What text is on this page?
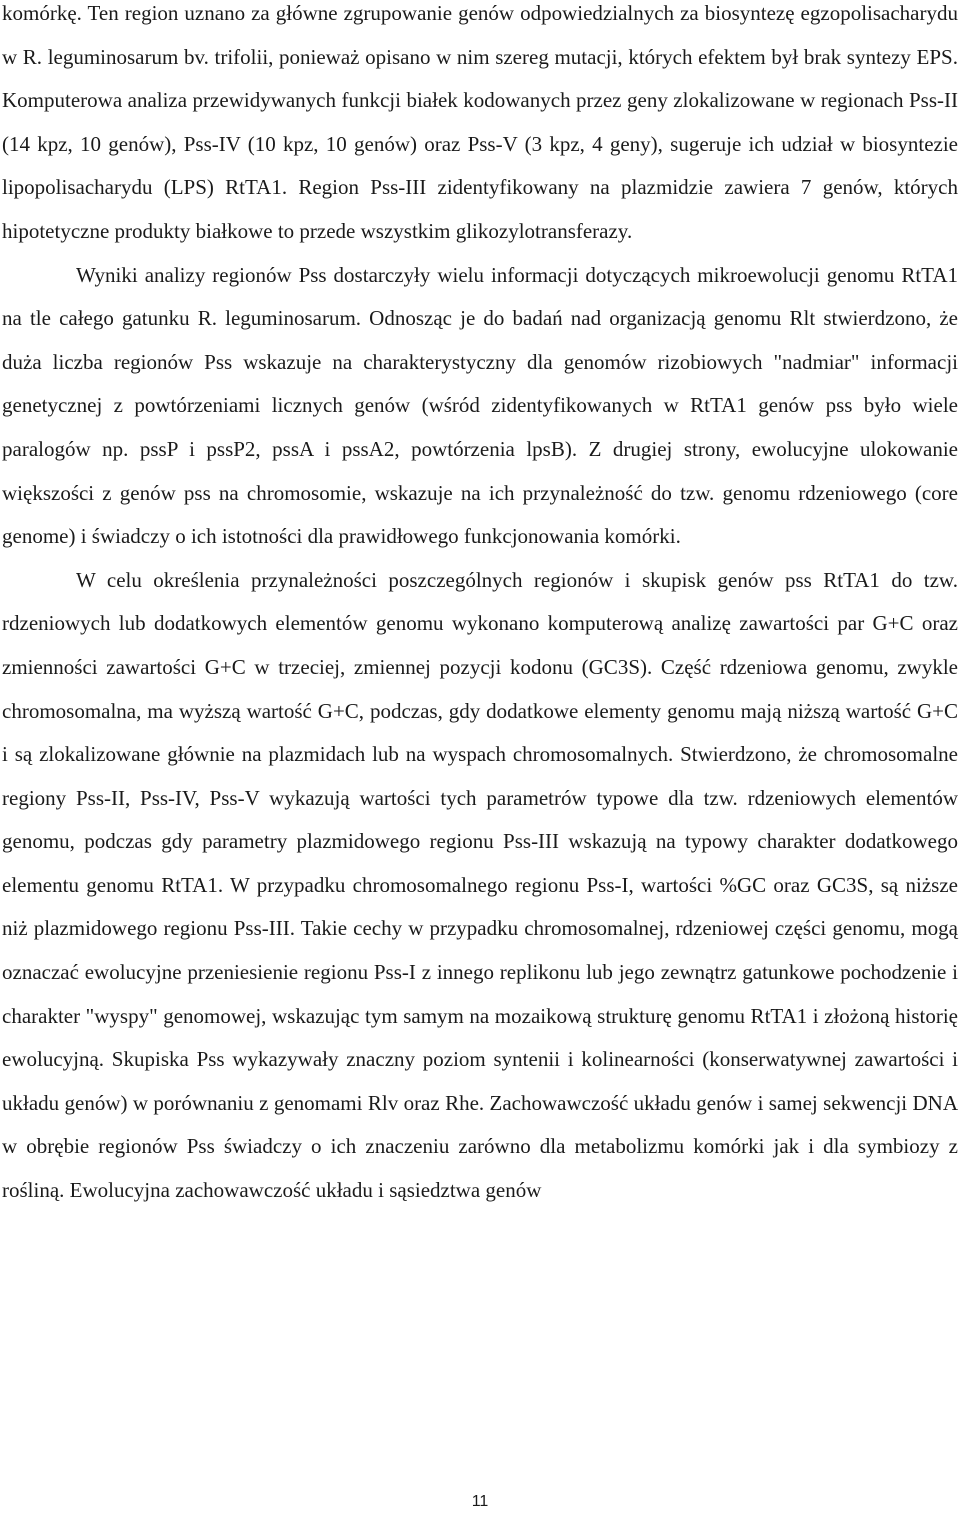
komórkę. Ten region uznano za główne zgrupowanie genów odpowiedzialnych za biosyntezę egzopolisacharydu w R. leguminosarum bv. trifolii, ponieważ opisano w nim szereg mutacji, których efektem był brak syntezy EPS. Komputerowa analiza przewidywanych funkcji białek kodowanych przez geny zlokalizowane w regionach Pss-II (14 kpz, 10 genów), Pss-IV (10 kpz, 10 genów) oraz Pss-V (3 kpz, 4 geny), sugeruje ich udział w biosyntezie lipopolisacharydu (LPS) RtTA1. Region Pss-III zidentyfikowany na plazmidzie zawiera 7 genów, których hipotetyczne produkty białkowe to przede wszystkim glikozylotransferazy.

Wyniki analizy regionów Pss dostarczyły wielu informacji dotyczących mikroewolucji genomu RtTA1 na tle całego gatunku R. leguminosarum. Odnosząc je do badań nad organizacją genomu Rlt stwierdzono, że duża liczba regionów Pss wskazuje na charakterystyczny dla genomów rizobiowych "nadmiar" informacji genetycznej z powtórzeniami licznych genów (wśród zidentyfikowanych w RtTA1 genów pss było wiele paralogów np. pssP i pssP2, pssA i pssA2, powtórzenia lpsB). Z drugiej strony, ewolucyjne ulokowanie większości z genów pss na chromosomie, wskazuje na ich przynależność do tzw. genomu rdzeniowego (core genome) i świadczy o ich istotności dla prawidłowego funkcjonowania komórki.

W celu określenia przynależności poszczególnych regionów i skupisk genów pss RtTA1 do tzw. rdzeniowych lub dodatkowych elementów genomu wykonano komputerową analizę zawartości par G+C oraz zmienności zawartości G+C w trzeciej, zmiennej pozycji kodonu (GC3S). Część rdzeniowa genomu, zwykle chromosomalna, ma wyższą wartość G+C, podczas, gdy dodatkowe elementy genomu mają niższą wartość G+C i są zlokalizowane głównie na plazmidach lub na wyspach chromosomalnych. Stwierdzono, że chromosomalne regiony Pss-II, Pss-IV, Pss-V wykazują wartości tych parametrów typowe dla tzw. rdzeniowych elementów genomu, podczas gdy parametry plazmidowego regionu Pss-III wskazują na typowy charakter dodatkowego elementu genomu RtTA1. W przypadku chromosomalnego regionu Pss-I, wartości %GC oraz GC3S, są niższe niż plazmidowego regionu Pss-III. Takie cechy w przypadku chromosomalnej, rdzeniowej części genomu, mogą oznaczać ewolucyjne przeniesienie regionu Pss-I z innego replikonu lub jego zewnątrz gatunkowe pochodzenie i charakter "wyspy" genomowej, wskazując tym samym na mozaikową strukturę genomu RtTA1 i złożoną historię ewolucyjną. Skupiska Pss wykazywały znaczny poziom syntenii i kolinearności (konserwatywnej zawartości i układu genów) w porównaniu z genomami Rlv oraz Rhe. Zachowawczość układu genów i samej sekwencji DNA w obrębie regionów Pss świadczy o ich znaczeniu zarówno dla metabolizmu komórki jak i dla symbiozy z rośliną. Ewolucyjna zachowawczość układu i sąsiedztwa genów

11
